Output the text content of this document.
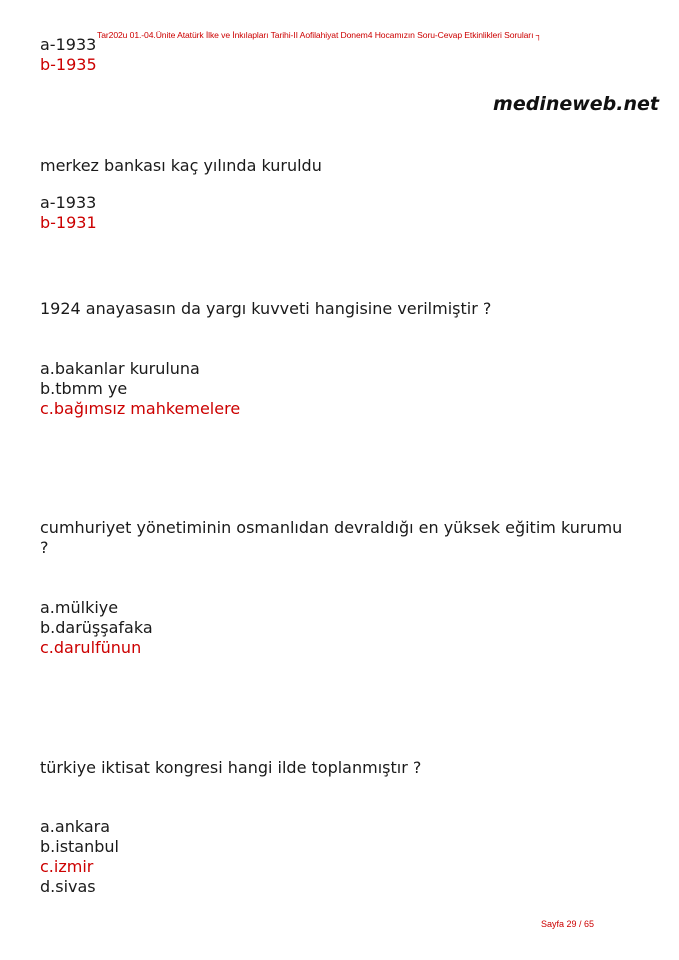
a-1933 Tar202u 01.-04.Ünite Atatürk İlke ve İnkılapları Tarihi-II Aofilahiyat Donem4 Hocamızın Soru-Cevap Etkinlikleri Soruları ┐
b-1935
medineweb.net
merkez bankası kaç yılında kuruldu
a-1933
b-1931
1924 anayasasın da yargı kuvveti hangisine verilmiştir ?
a.bakanlar kuruluna
b.tbmm ye
c.bağımsız mahkemelere
cumhuriyet yönetiminin osmanlıdan devraldığı en yüksek eğitim kurumu
?
a.mülkiye
b.darüşşafaka
c.darulfünun
türkiye iktisat kongresi hangi ilde toplanmıştır ?
a.ankara
b.istanbul
c.izmir
d.sivas
Sayfa 29 / 65
